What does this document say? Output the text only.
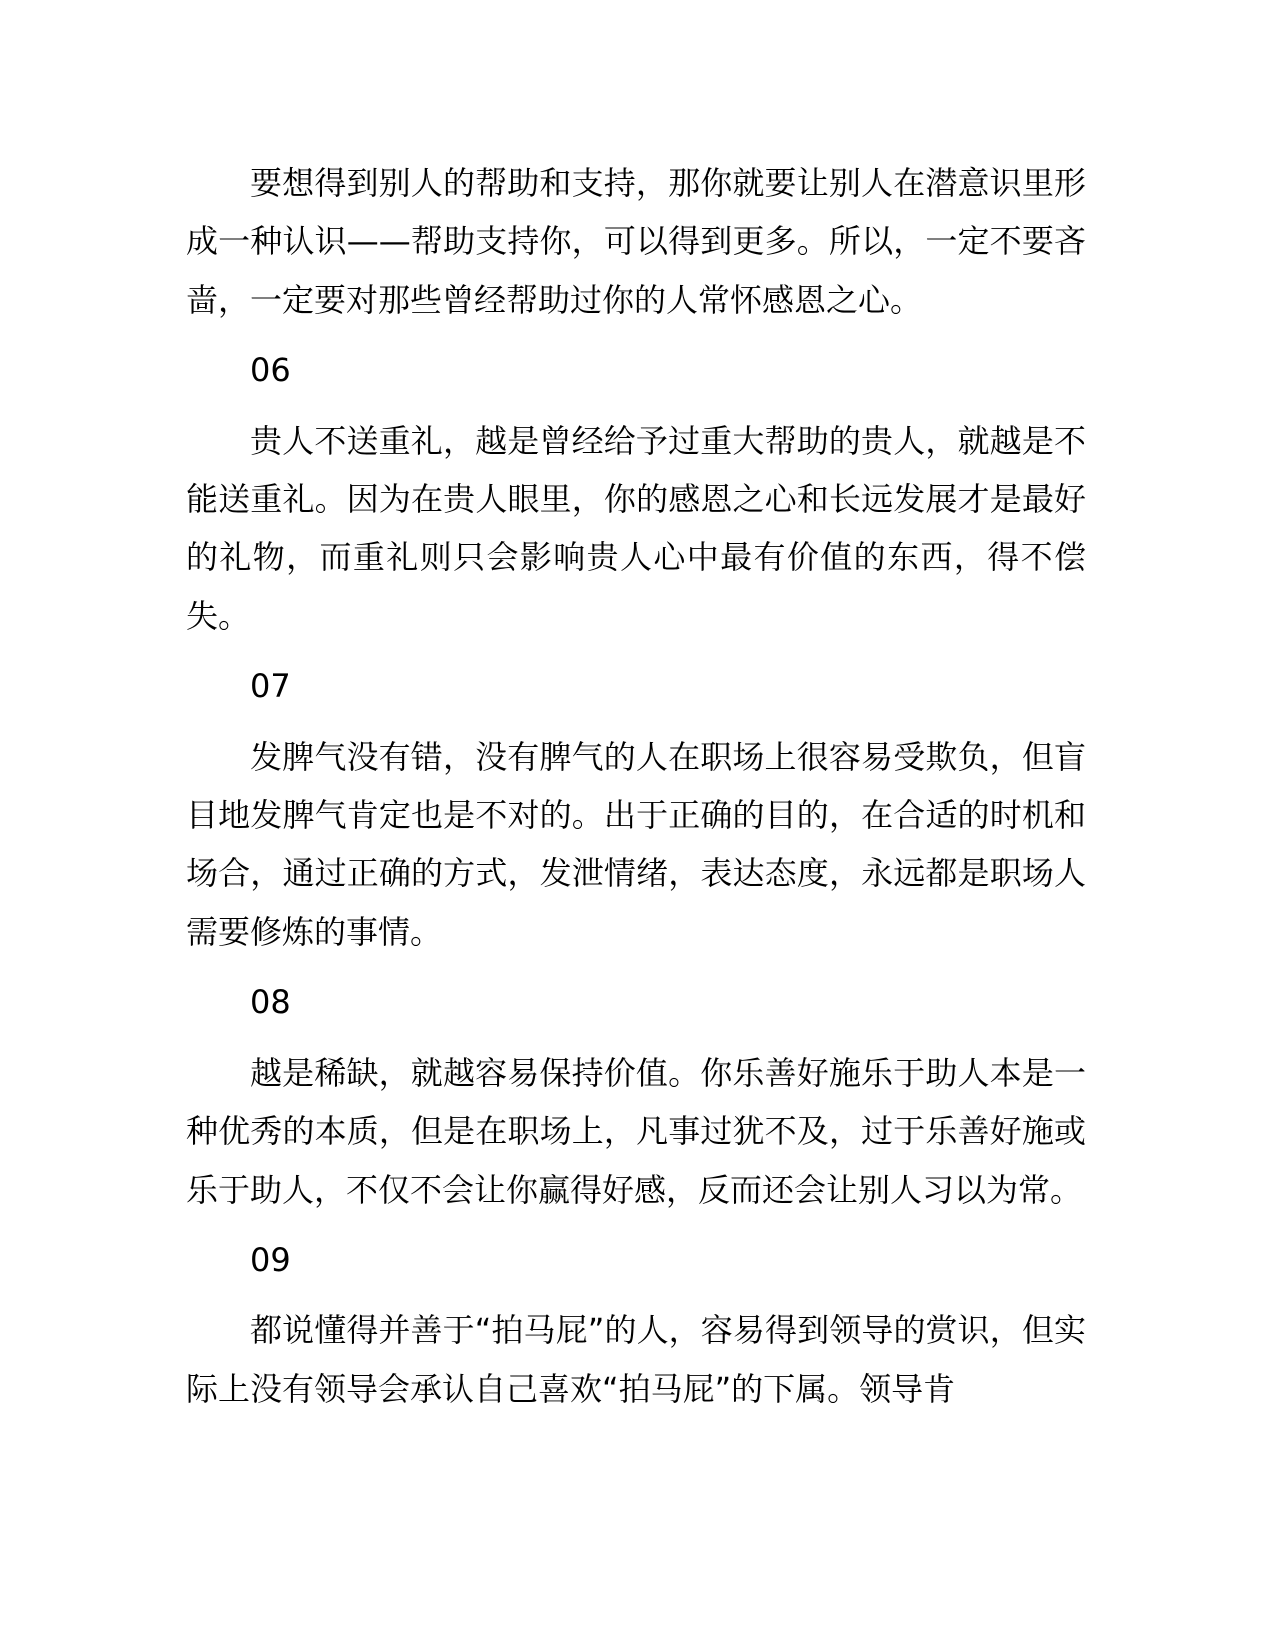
要想得到别人的帮助和支持，那你就要让别人在潜意识里形成一种认识——帮助支持你，可以得到更多。所以，一定不要吝啬，一定要对那些曾经帮助过你的人常怀感恩之心。

06

贵人不送重礼，越是曾经给予过重大帮助的贵人，就越是不能送重礼。因为在贵人眼里，你的感恩之心和长远发展才是最好的礼物，而重礼则只会影响贵人心中最有价值的东西，得不偿失。

07

发脾气没有错，没有脾气的人在职场上很容易受欺负，但盲目地发脾气肯定也是不对的。出于正确的目的，在合适的时机和场合，通过正确的方式，发泄情绪，表达态度，永远都是职场人需要修炼的事情。

08

越是稀缺，就越容易保持价值。你乐善好施乐于助人本是一种优秀的本质，但是在职场上，凡事过犹不及，过于乐善好施或乐于助人，不仅不会让你赢得好感，反而还会让别人习以为常。

09

都说懂得并善于“拍马屁”的人，容易得到领导的赏识，但实际上没有领导会承认自己喜欢“拍马屁”的下属。领导肯
